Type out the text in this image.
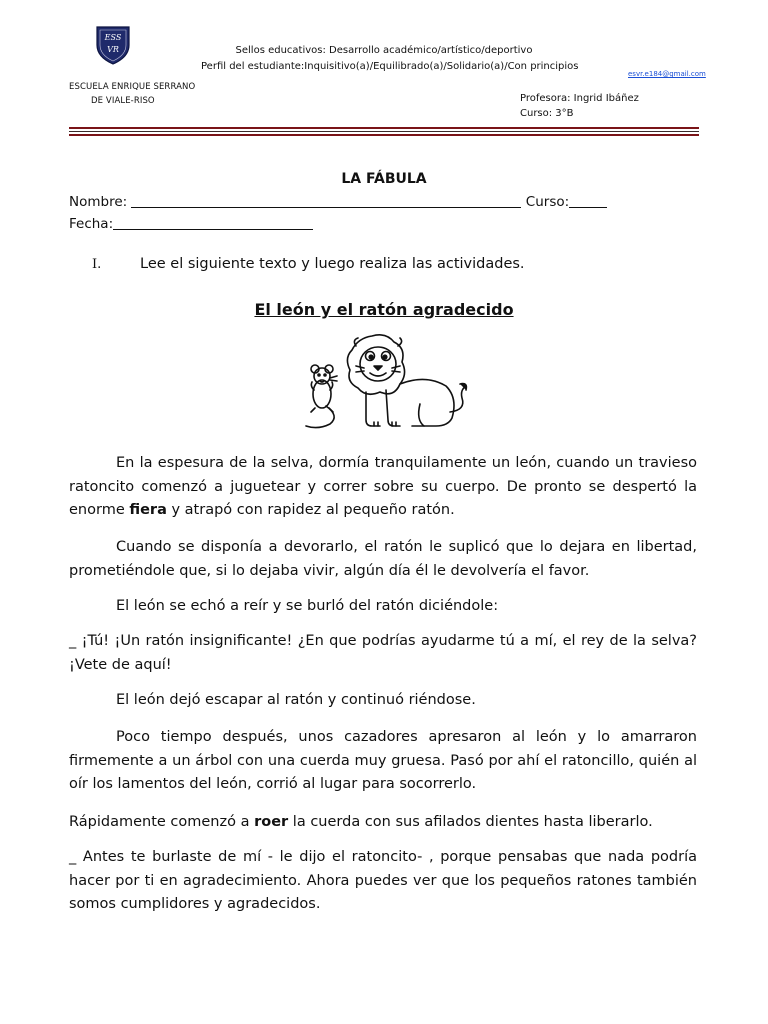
ESS
VR
ESCUELA ENRIQUE SERRANO
DE VIALE-RISO
Sellos educativos: Desarrollo académico/artístico/deportivo
Perfil del estudiante:Inquisitivo(a)/Equilibrado(a)/Solidario(a)/Con principios
esvr.e184@gmail.com
Profesora: Ingrid Ibáñez
Curso: 3°B
LA FÁBULA
Nombre:	Curso:
Fecha:
I.	Lee el siguiente texto y luego realiza las actividades.
El león y el ratón agradecido
En la espesura de la selva, dormía tranquilamente un león, cuando un travieso ratoncito comenzó a juguetear y correr sobre su cuerpo. De pronto se despertó la enorme fiera y atrapó con rapidez al pequeño ratón.
Cuando se disponía a devorarlo, el ratón le suplicó que lo dejara en libertad, prometiéndole que, si lo dejaba vivir, algún día él le devolvería el favor.
El león se echó a reír y se burló del ratón diciéndole:
_ ¡Tú! ¡Un ratón insignificante! ¿En que podrías ayudarme tú a mí, el rey de la selva? ¡Vete de aquí!
El león dejó escapar al ratón y continuó riéndose.
Poco tiempo después, unos cazadores apresaron al león y lo amarraron firmemente a un árbol con una cuerda muy gruesa. Pasó por ahí el ratoncillo, quién al oír los lamentos del león, corrió al lugar para socorrerlo.
Rápidamente comenzó a roer la cuerda con sus afilados dientes hasta liberarlo.
_ Antes te burlaste de mí - le dijo el ratoncito- , porque pensabas que nada podría hacer por ti en agradecimiento. Ahora puedes ver que los pequeños ratones también somos cumplidores y agradecidos.
